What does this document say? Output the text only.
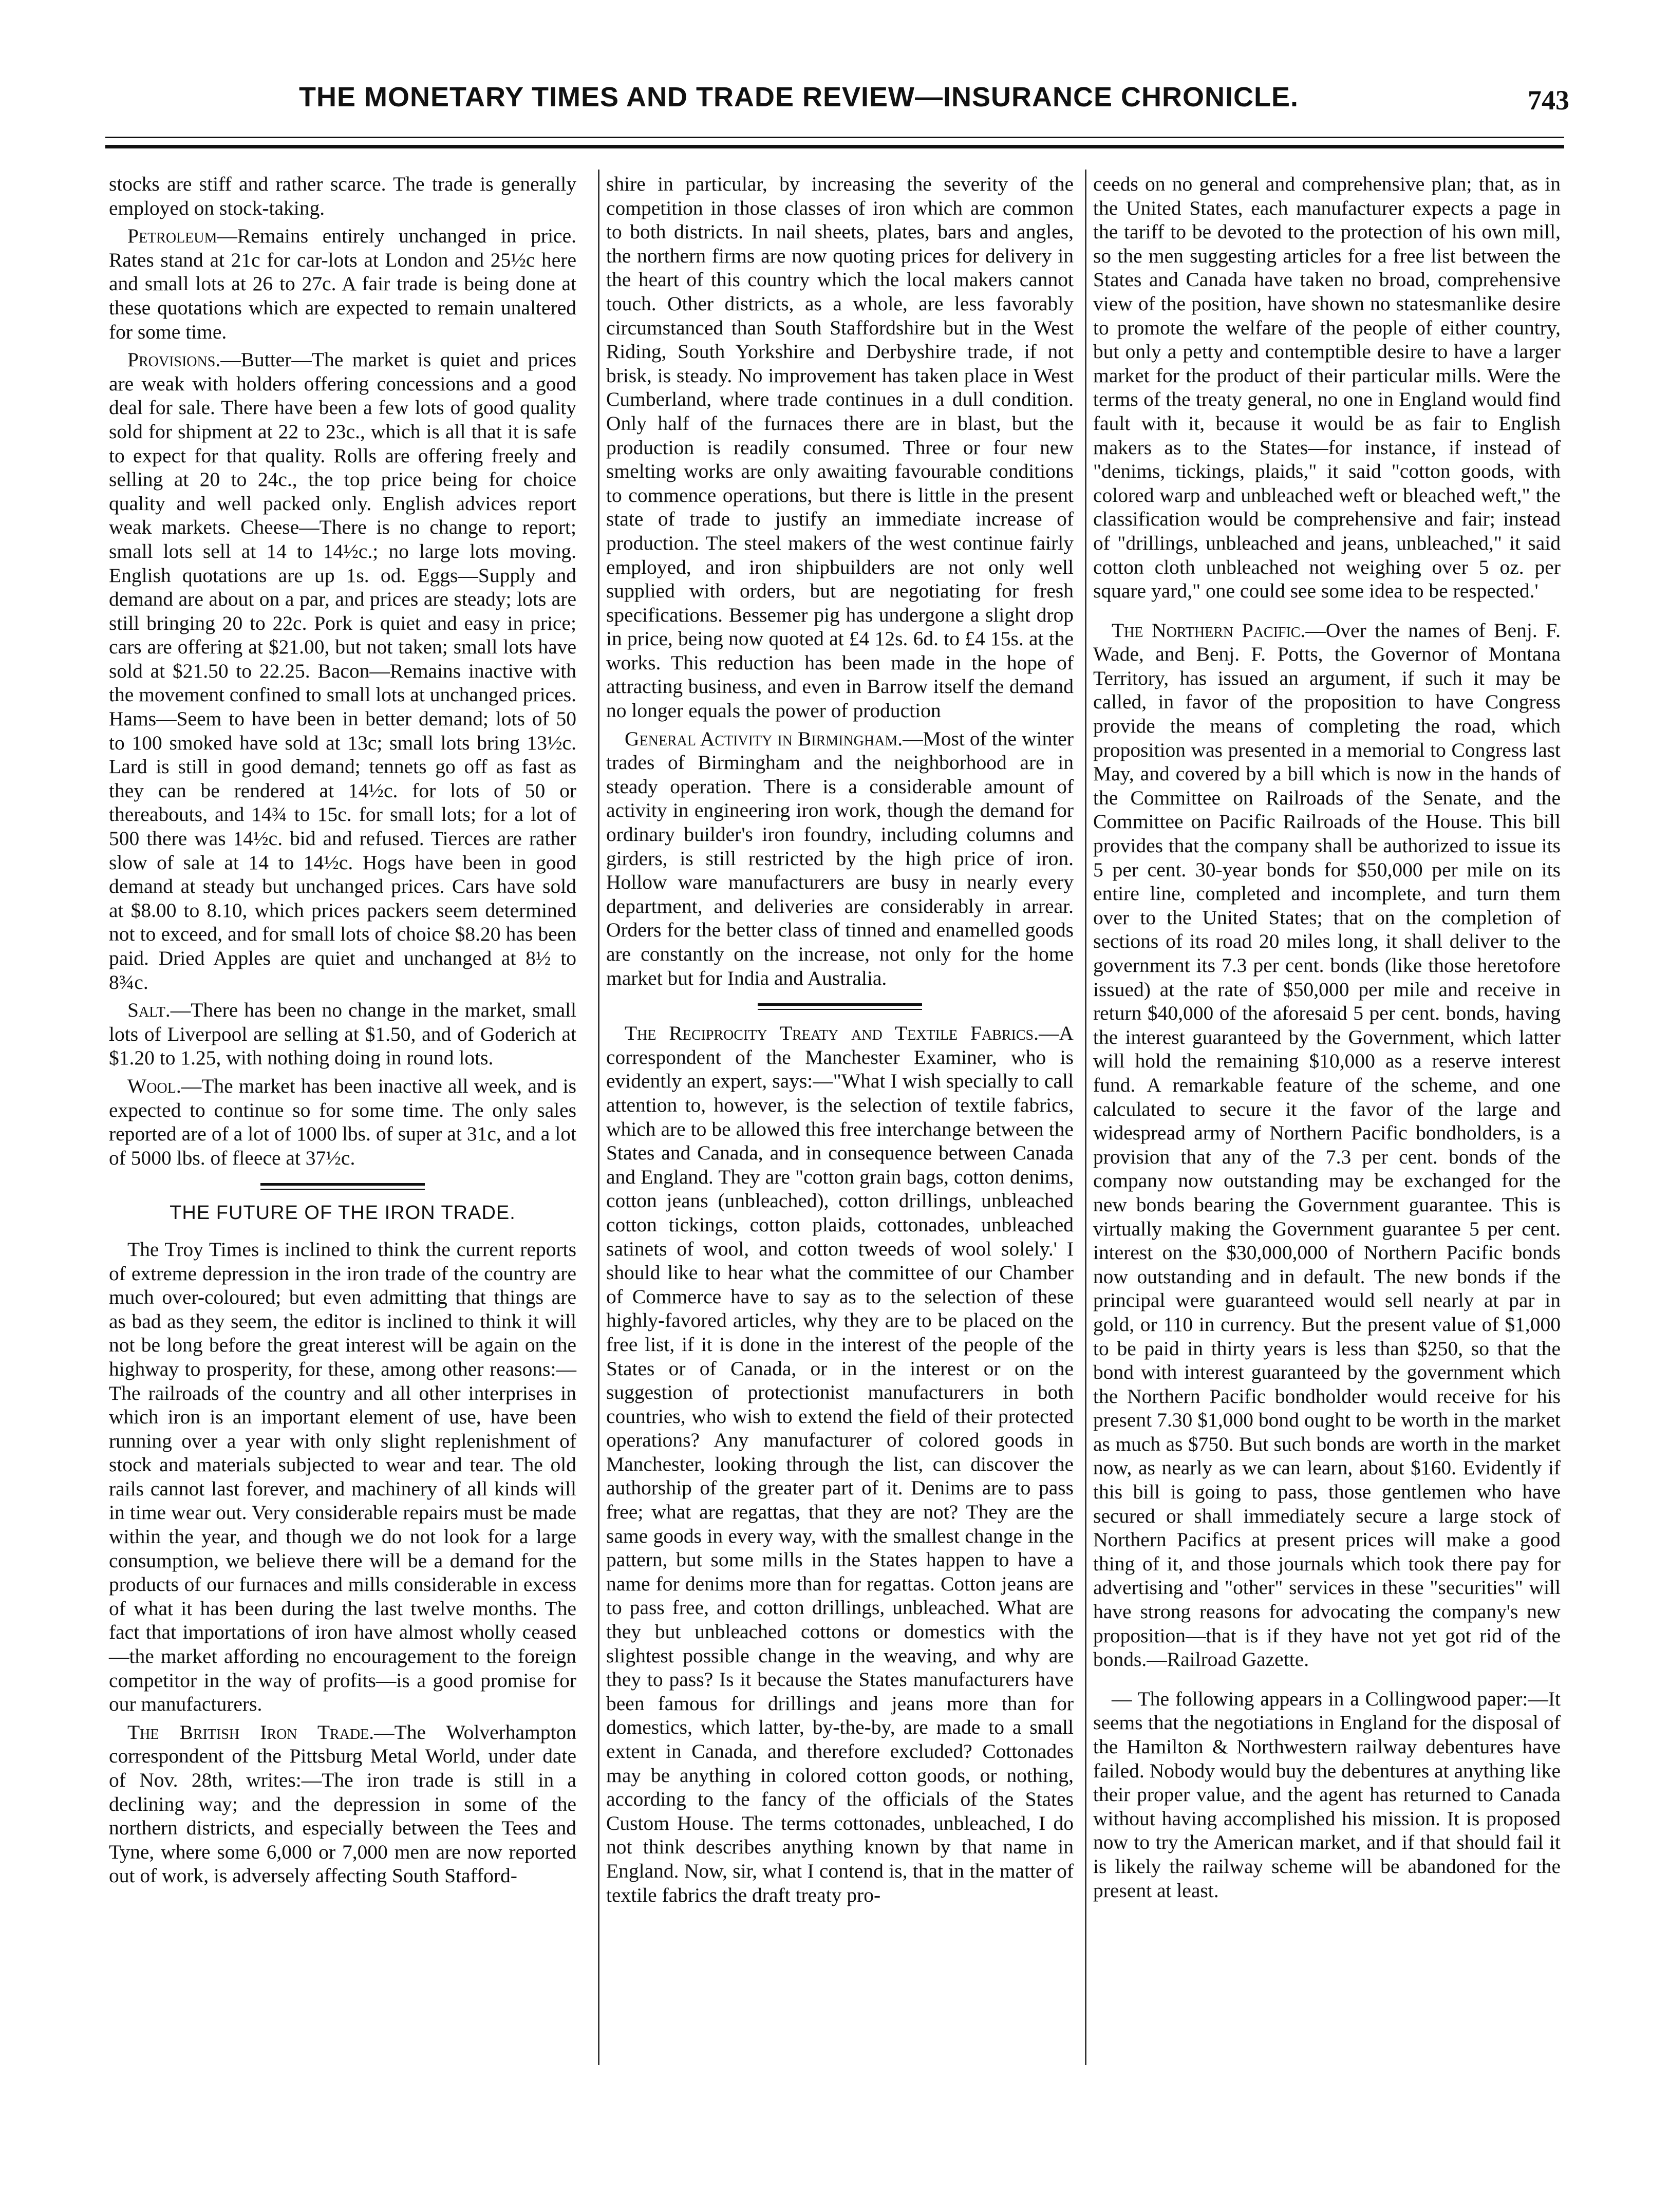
THE MONETARY TIMES AND TRADE REVIEW—INSURANCE CHRONICLE.	743

stocks are stiff and rather scarce. The trade is generally employed on stock-taking.

Petroleum—Remains entirely unchanged in price. Rates stand at 21c for car-lots at London and 25½c here and small lots at 26 to 27c. A fair trade is being done at these quotations which are expected to remain unaltered for some time.

Provisions.—Butter—The market is quiet and prices are weak with holders offering concessions and a good deal for sale. There have been a few lots of good quality sold for shipment at 22 to 23c., which is all that it is safe to expect for that quality. Rolls are offering freely and selling at 20 to 24c., the top price being for choice quality and well packed only. English advices report weak markets. Cheese—There is no change to report; small lots sell at 14 to 14½c.; no large lots moving. English quotations are up 1s. od. Eggs—Supply and demand are about on a par, and prices are steady; lots are still bringing 20 to 22c. Pork is quiet and easy in price; cars are offering at $21.00, but not taken; small lots have sold at $21.50 to 22.25. Bacon—Remains inactive with the movement confined to small lots at unchanged prices. Hams—Seem to have been in better demand; lots of 50 to 100 smoked have sold at 13c; small lots bring 13½c. Lard is still in good demand; tennets go off as fast as they can be rendered at 14½c. for lots of 50 or thereabouts, and 14¾ to 15c. for small lots; for a lot of 500 there was 14½c. bid and refused. Tierces are rather slow of sale at 14 to 14½c. Hogs have been in good demand at steady but unchanged prices. Cars have sold at $8.00 to 8.10, which prices packers seem determined not to exceed, and for small lots of choice $8.20 has been paid. Dried Apples are quiet and unchanged at 8½ to 8¾c.

Salt.—There has been no change in the market, small lots of Liverpool are selling at $1.50, and of Goderich at $1.20 to 1.25, with nothing doing in round lots.

Wool.—The market has been inactive all week, and is expected to continue so for some time. The only sales reported are of a lot of 1000 lbs. of super at 31c, and a lot of 5000 lbs. of fleece at 37½c.

THE FUTURE OF THE IRON TRADE.

The Troy Times is inclined to think the current reports of extreme depression in the iron trade of the country are much over-coloured; but even admitting that things are as bad as they seem, the editor is inclined to think it will not be long before the great interest will be again on the highway to prosperity, for these, among other reasons:—The railroads of the country and all other interprises in which iron is an important element of use, have been running over a year with only slight replenishment of stock and materials subjected to wear and tear. The old rails cannot last forever, and machinery of all kinds will in time wear out. Very considerable repairs must be made within the year, and though we do not look for a large consumption, we believe there will be a demand for the products of our furnaces and mills considerable in excess of what it has been during the last twelve months. The fact that importations of iron have almost wholly ceased—the market affording no encouragement to the foreign competitor in the way of profits—is a good promise for our manufacturers.

The British Iron Trade.—The Wolverhampton correspondent of the Pittsburg Metal World, under date of Nov. 28th, writes:—The iron trade is still in a declining way; and the depression in some of the northern districts, and especially between the Tees and Tyne, where some 6,000 or 7,000 men are now reported out of work, is adversely affecting South Stafford-

shire in particular, by increasing the severity of the competition in those classes of iron which are common to both districts. In nail sheets, plates, bars and angles, the northern firms are now quoting prices for delivery in the heart of this country which the local makers cannot touch. Other districts, as a whole, are less favorably circumstanced than South Staffordshire but in the West Riding, South Yorkshire and Derbyshire trade, if not brisk, is steady. No improvement has taken place in West Cumberland, where trade continues in a dull condition. Only half of the furnaces there are in blast, but the production is readily consumed. Three or four new smelting works are only awaiting favourable conditions to commence operations, but there is little in the present state of trade to justify an immediate increase of production. The steel makers of the west continue fairly employed, and iron shipbuilders are not only well supplied with orders, but are negotiating for fresh specifications. Bessemer pig has undergone a slight drop in price, being now quoted at £4 12s. 6d. to £4 15s. at the works. This reduction has been made in the hope of attracting business, and even in Barrow itself the demand no longer equals the power of production

General Activity in Birmingham.—Most of the winter trades of Birmingham and the neighborhood are in steady operation. There is a considerable amount of activity in engineering iron work, though the demand for ordinary builder's iron foundry, including columns and girders, is still restricted by the high price of iron. Hollow ware manufacturers are busy in nearly every department, and deliveries are considerably in arrear. Orders for the better class of tinned and enamelled goods are constantly on the increase, not only for the home market but for India and Australia.

The Reciprocity Treaty and Textile Fabrics.—A correspondent of the Manchester Examiner, who is evidently an expert, says:—"What I wish specially to call attention to, however, is the selection of textile fabrics, which are to be allowed this free interchange between the States and Canada, and in consequence between Canada and England. They are "cotton grain bags, cotton denims, cotton jeans (unbleached), cotton drillings, unbleached cotton tickings, cotton plaids, cottonades, unbleached satinets of wool, and cotton tweeds of wool solely.' I should like to hear what the committee of our Chamber of Commerce have to say as to the selection of these highly-favored articles, why they are to be placed on the free list, if it is done in the interest of the people of the States or of Canada, or in the interest or on the suggestion of protectionist manufacturers in both countries, who wish to extend the field of their protected operations? Any manufacturer of colored goods in Manchester, looking through the list, can discover the authorship of the greater part of it. Denims are to pass free; what are regattas, that they are not? They are the same goods in every way, with the smallest change in the pattern, but some mills in the States happen to have a name for denims more than for regattas. Cotton jeans are to pass free, and cotton drillings, unbleached. What are they but unbleached cottons or domestics with the slightest possible change in the weaving, and why are they to pass? Is it because the States manufacturers have been famous for drillings and jeans more than for domestics, which latter, by-the-by, are made to a small extent in Canada, and therefore excluded? Cottonades may be anything in colored cotton goods, or nothing, according to the fancy of the officials of the States Custom House. The terms cottonades, unbleached, I do not think describes anything known by that name in England. Now, sir, what I contend is, that in the matter of textile fabrics the draft treaty pro-

ceeds on no general and comprehensive plan; that, as in the United States, each manufacturer expects a page in the tariff to be devoted to the protection of his own mill, so the men suggesting articles for a free list between the States and Canada have taken no broad, comprehensive view of the position, have shown no statesmanlike desire to promote the welfare of the people of either country, but only a petty and contemptible desire to have a larger market for the product of their particular mills. Were the terms of the treaty general, no one in England would find fault with it, because it would be as fair to English makers as to the States—for instance, if instead of "denims, tickings, plaids," it said "cotton goods, with colored warp and unbleached weft or bleached weft," the classification would be comprehensive and fair; instead of "drillings, unbleached and jeans, unbleached," it said cotton cloth unbleached not weighing over 5 oz. per square yard," one could see some idea to be respected.'

The Northern Pacific.—Over the names of Benj. F. Wade, and Benj. F. Potts, the Governor of Montana Territory, has issued an argument, if such it may be called, in favor of the proposition to have Congress provide the means of completing the road, which proposition was presented in a memorial to Congress last May, and covered by a bill which is now in the hands of the Committee on Railroads of the Senate, and the Committee on Pacific Railroads of the House. This bill provides that the company shall be authorized to issue its 5 per cent. 30-year bonds for $50,000 per mile on its entire line, completed and incomplete, and turn them over to the United States; that on the completion of sections of its road 20 miles long, it shall deliver to the government its 7.3 per cent. bonds (like those heretofore issued) at the rate of $50,000 per mile and receive in return $40,000 of the aforesaid 5 per cent. bonds, having the interest guaranteed by the Government, which latter will hold the remaining $10,000 as a reserve interest fund. A remarkable feature of the scheme, and one calculated to secure it the favor of the large and widespread army of Northern Pacific bondholders, is a provision that any of the 7.3 per cent. bonds of the company now outstanding may be exchanged for the new bonds bearing the Government guarantee. This is virtually making the Government guarantee 5 per cent. interest on the $30,000,000 of Northern Pacific bonds now outstanding and in default. The new bonds if the principal were guaranteed would sell nearly at par in gold, or 110 in currency. But the present value of $1,000 to be paid in thirty years is less than $250, so that the bond with interest guaranteed by the government which the Northern Pacific bondholder would receive for his present 7.30 $1,000 bond ought to be worth in the market as much as $750. But such bonds are worth in the market now, as nearly as we can learn, about $160. Evidently if this bill is going to pass, those gentlemen who have secured or shall immediately secure a large stock of Northern Pacifics at present prices will make a good thing of it, and those journals which took there pay for advertising and "other" services in these "securities" will have strong reasons for advocating the company's new proposition—that is if they have not yet got rid of the bonds.—Railroad Gazette.

— The following appears in a Collingwood paper:—It seems that the negotiations in England for the disposal of the Hamilton & Northwestern railway debentures have failed. Nobody would buy the debentures at anything like their proper value, and the agent has returned to Canada without having accomplished his mission. It is proposed now to try the American market, and if that should fail it is likely the railway scheme will be abandoned for the present at least.
